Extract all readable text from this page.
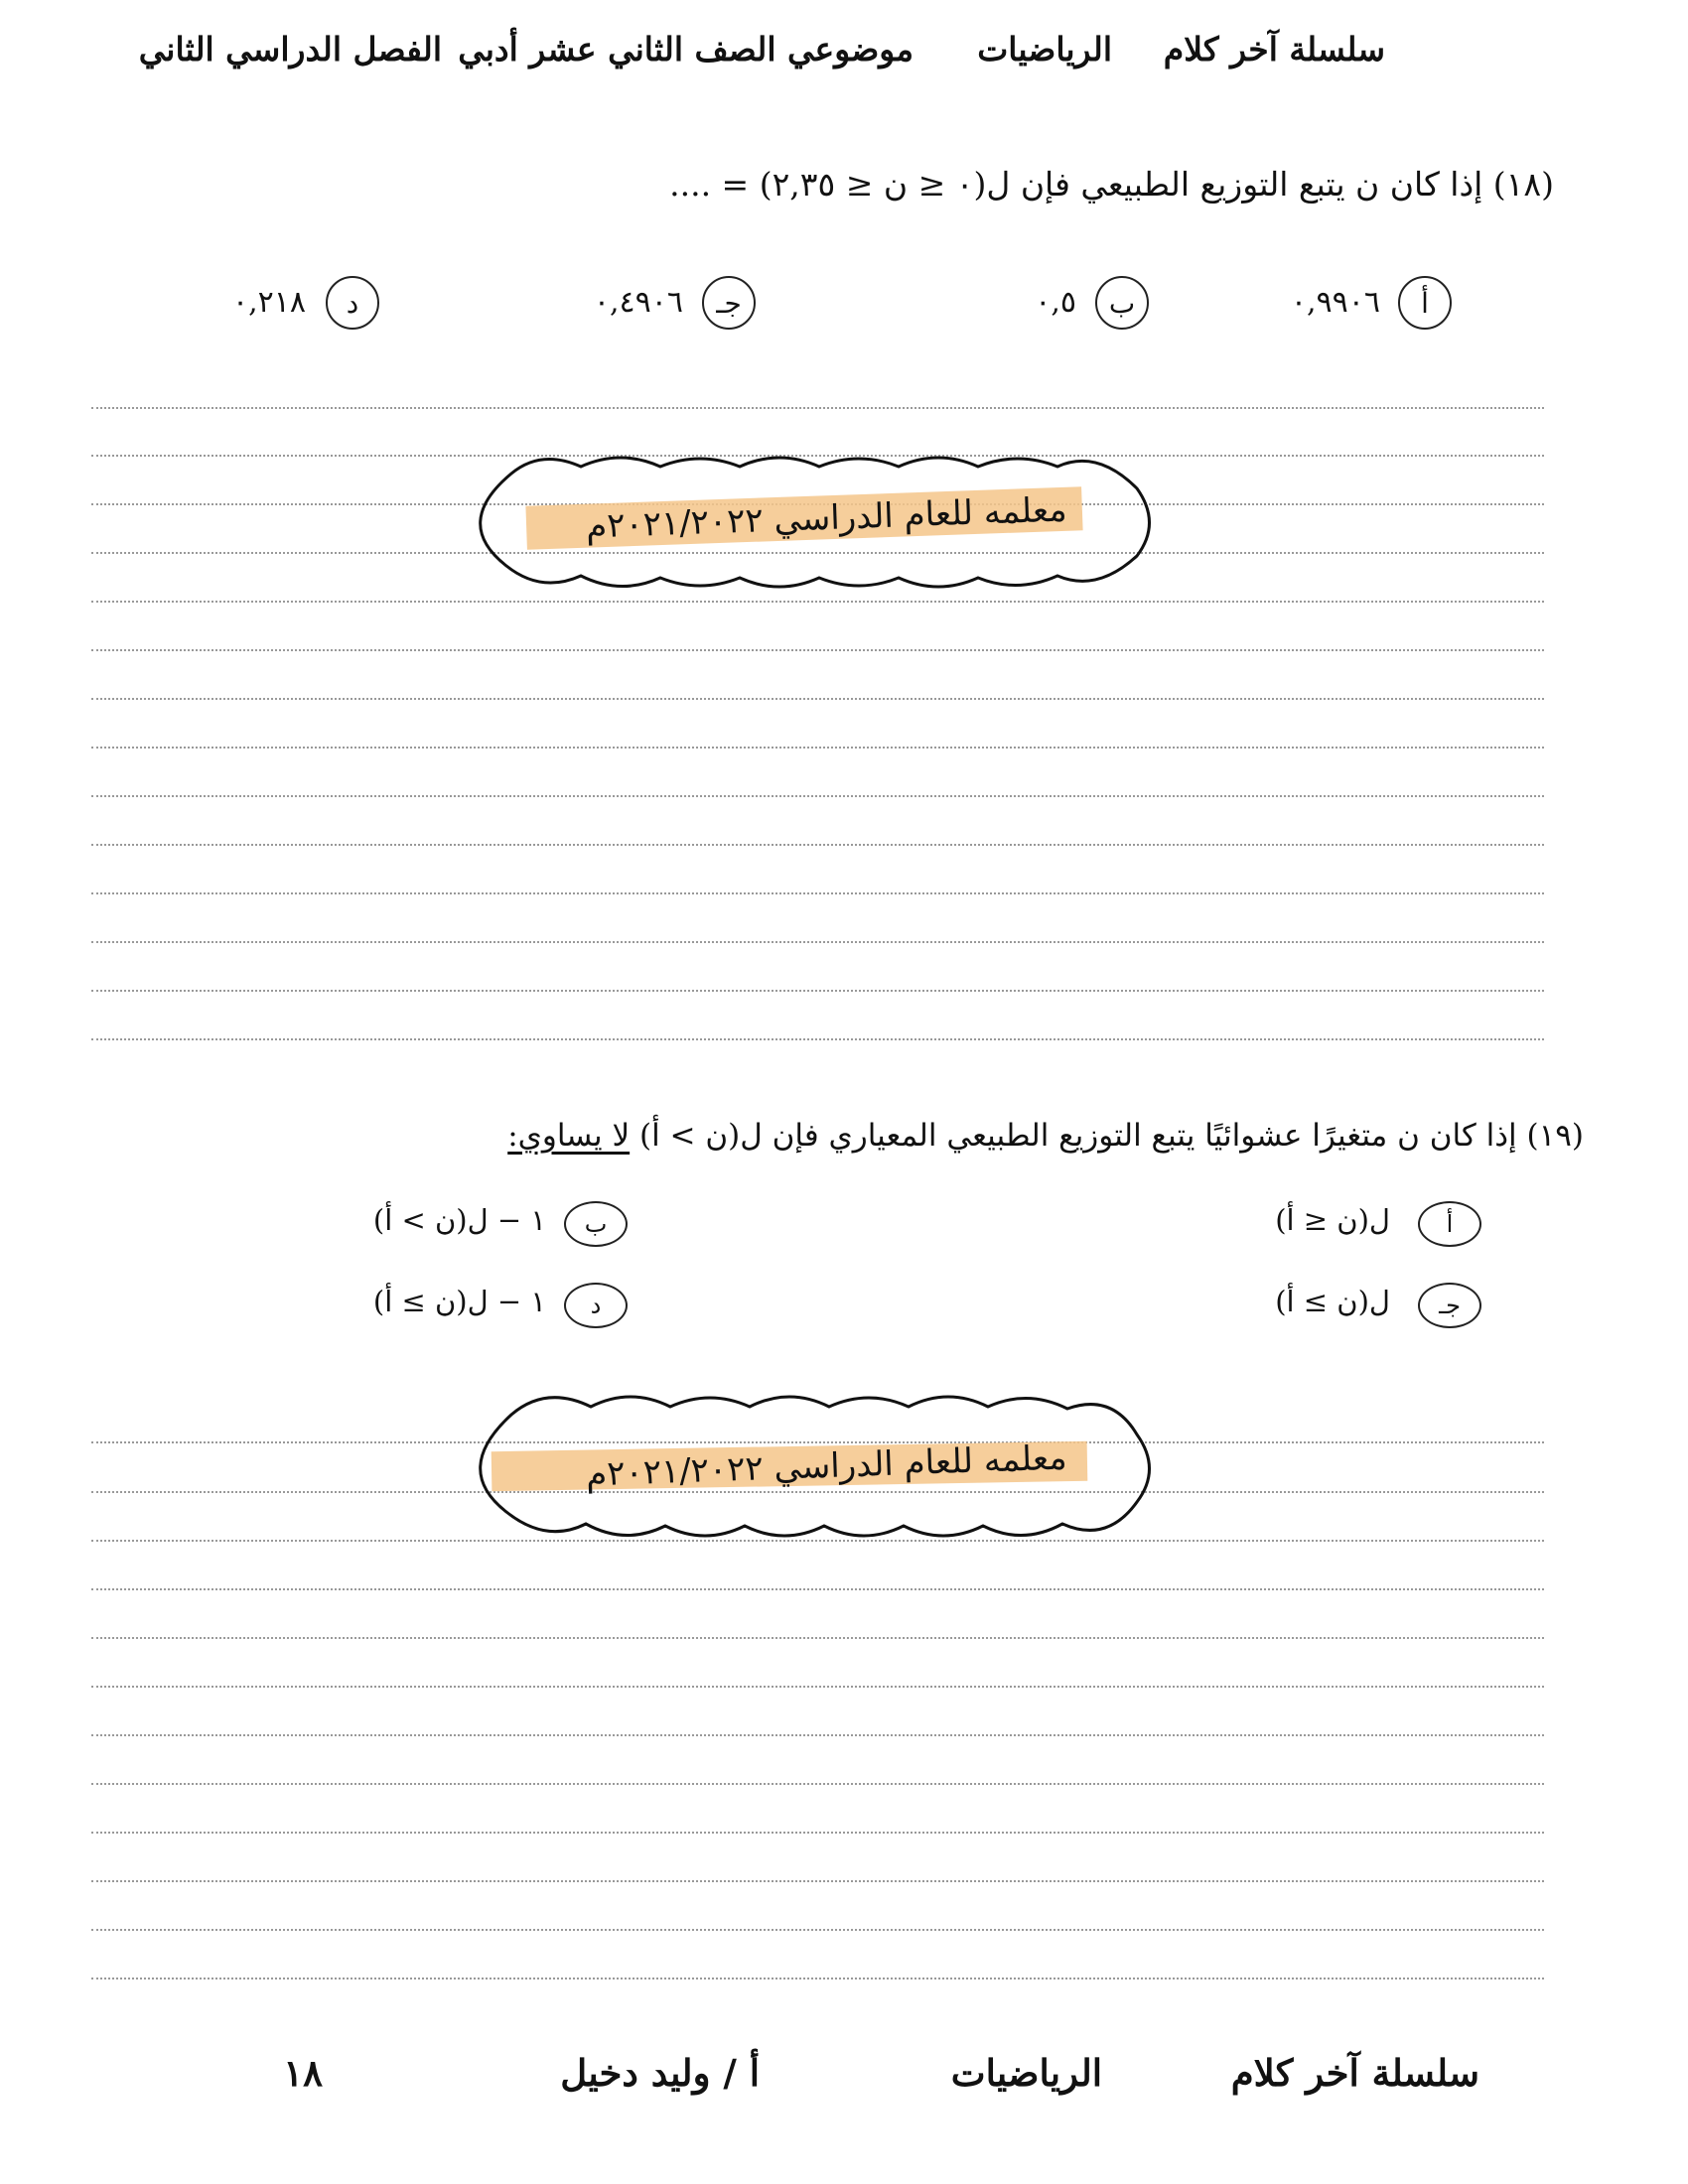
سلسلة آخر كلام
الرياضيات
موضوعي الصف الثاني عشر أدبي
الفصل الدراسي الثاني
(١٨) إذا كان ن يتبع التوزيع الطبيعي فإن ل(٠ ≤ ن ≤ ٢,٣٥) = ....
أ
٠,٩٩٠٦
ب
٠,٥
جـ
٠,٤٩٠٦
د
٠,٢١٨
معلمه للعام الدراسي ٢٠٢١/٢٠٢٢م
(١٩) إذا كان ن متغيرًا عشوائيًا يتبع التوزيع الطبيعي المعياري فإن ل(ن > أ) لا يساوي:
أ
ل(ن ≤ أ)
ب
١ − ل(ن > أ)
جـ
ل(ن ≥ أ)
د
١ − ل(ن ≥ أ)
معلمه للعام الدراسي ٢٠٢١/٢٠٢٢م
سلسلة آخر كلام
الرياضيات
أ / وليد دخيل
١٨
